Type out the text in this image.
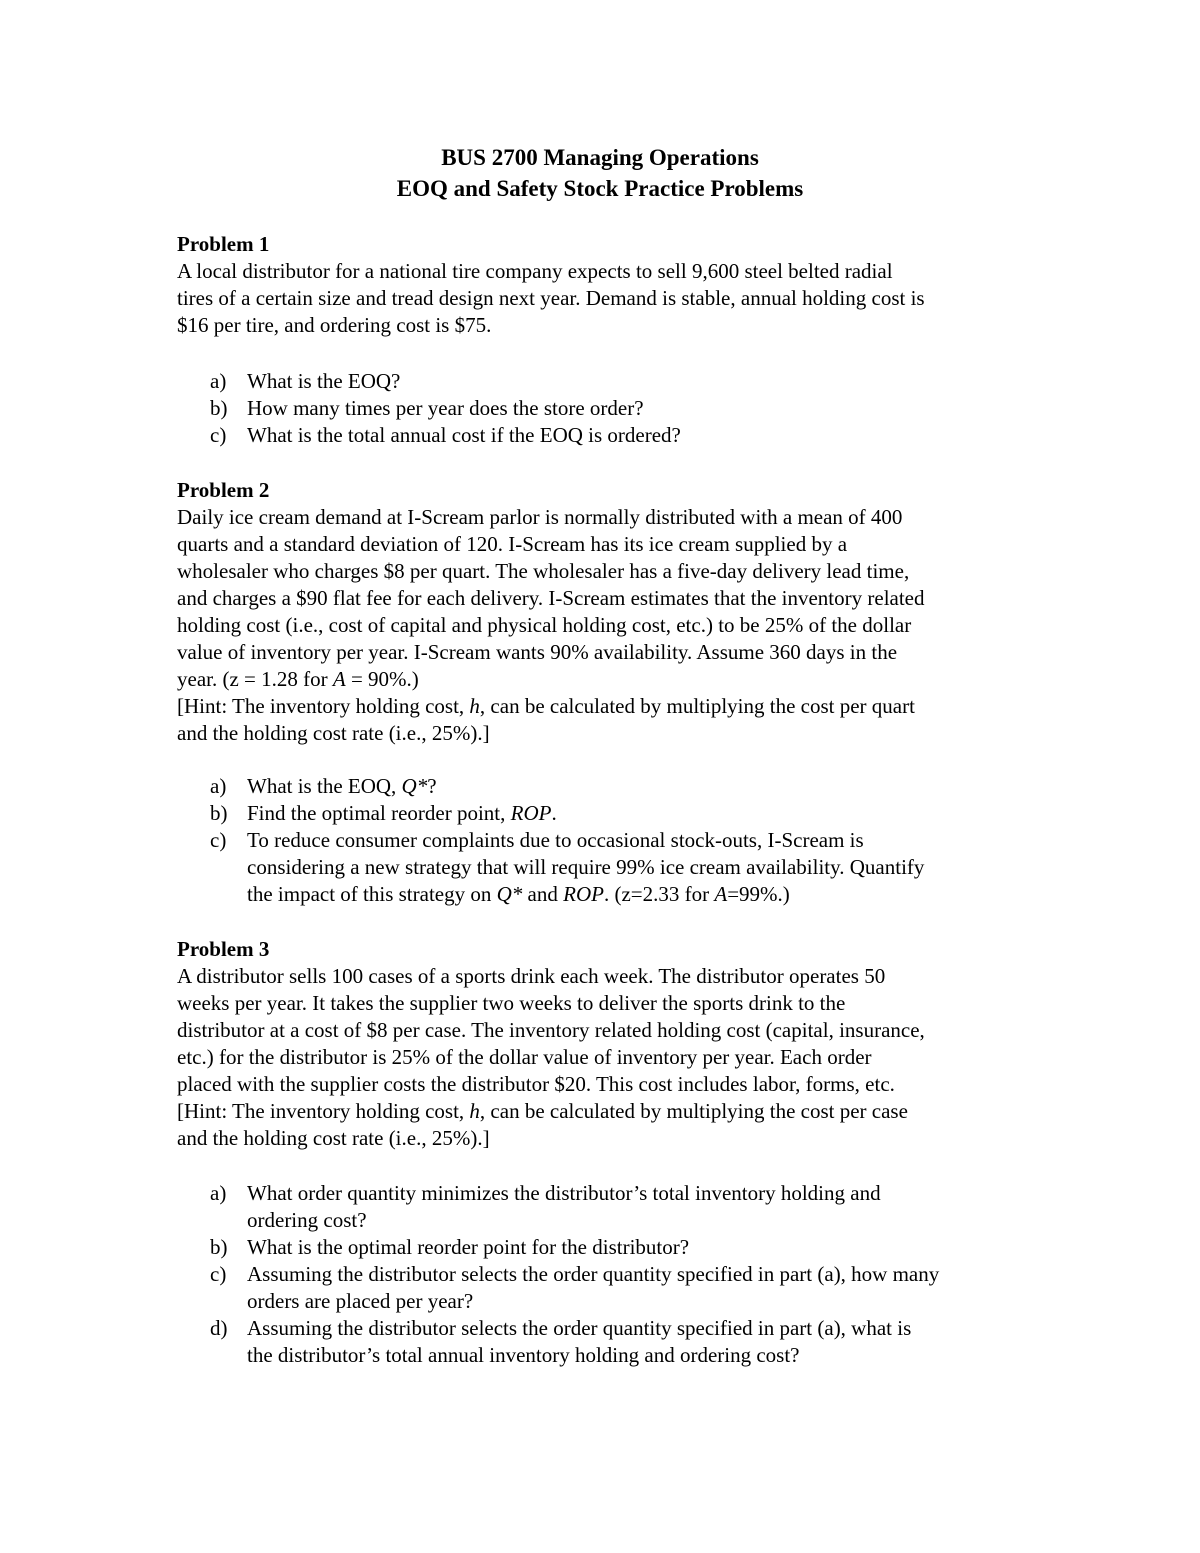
BUS 2700 Managing Operations
EOQ and Safety Stock Practice Problems
Problem 1

A local distributor for a national tire company expects to sell 9,600 steel belted radial

tires of a certain size and tread design next year. Demand is stable, annual holding cost is

$16 per tire, and ordering cost is $75.

a) What is the EOQ?
b) How many times per year does the store order?
c) What is the total annual cost if the EOQ is ordered?
Problem 2

Daily ice cream demand at I-Scream parlor is normally distributed with a mean of 400

quarts and a standard deviation of 120. I-Scream has its ice cream supplied by a

wholesaler who charges $8 per quart. The wholesaler has a five-day delivery lead time,

and charges a $90 flat fee for each delivery. I-Scream estimates that the inventory related

holding cost (i.e., cost of capital and physical holding cost, etc.) to be 25% of the dollar

value of inventory per year. I-Scream wants 90% availability. Assume 360 days in the

year. (z = 1.28 for A = 90%.)

[Hint: The inventory holding cost, h, can be calculated by multiplying the cost per quart

and the holding cost rate (i.e., 25%).]

a) What is the EOQ, Q*?
b) Find the optimal reorder point, ROP.
c) To reduce consumer complaints due to occasional stock-outs, I-Scream is
considering a new strategy that will require 99% ice cream availability. Quantify
the impact of this strategy on Q* and ROP. (z=2.33 for A=99%.)
Problem 3

A distributor sells 100 cases of a sports drink each week. The distributor operates 50

weeks per year. It takes the supplier two weeks to deliver the sports drink to the

distributor at a cost of $8 per case. The inventory related holding cost (capital, insurance,

etc.) for the distributor is 25% of the dollar value of inventory per year. Each order

placed with the supplier costs the distributor $20. This cost includes labor, forms, etc.

[Hint: The inventory holding cost, h, can be calculated by multiplying the cost per case

and the holding cost rate (i.e., 25%).]

a) What order quantity minimizes the distributor’s total inventory holding and
ordering cost?
b) What is the optimal reorder point for the distributor?
c) Assuming the distributor selects the order quantity specified in part (a), how many
orders are placed per year?
d) Assuming the distributor selects the order quantity specified in part (a), what is
the distributor’s total annual inventory holding and ordering cost?
